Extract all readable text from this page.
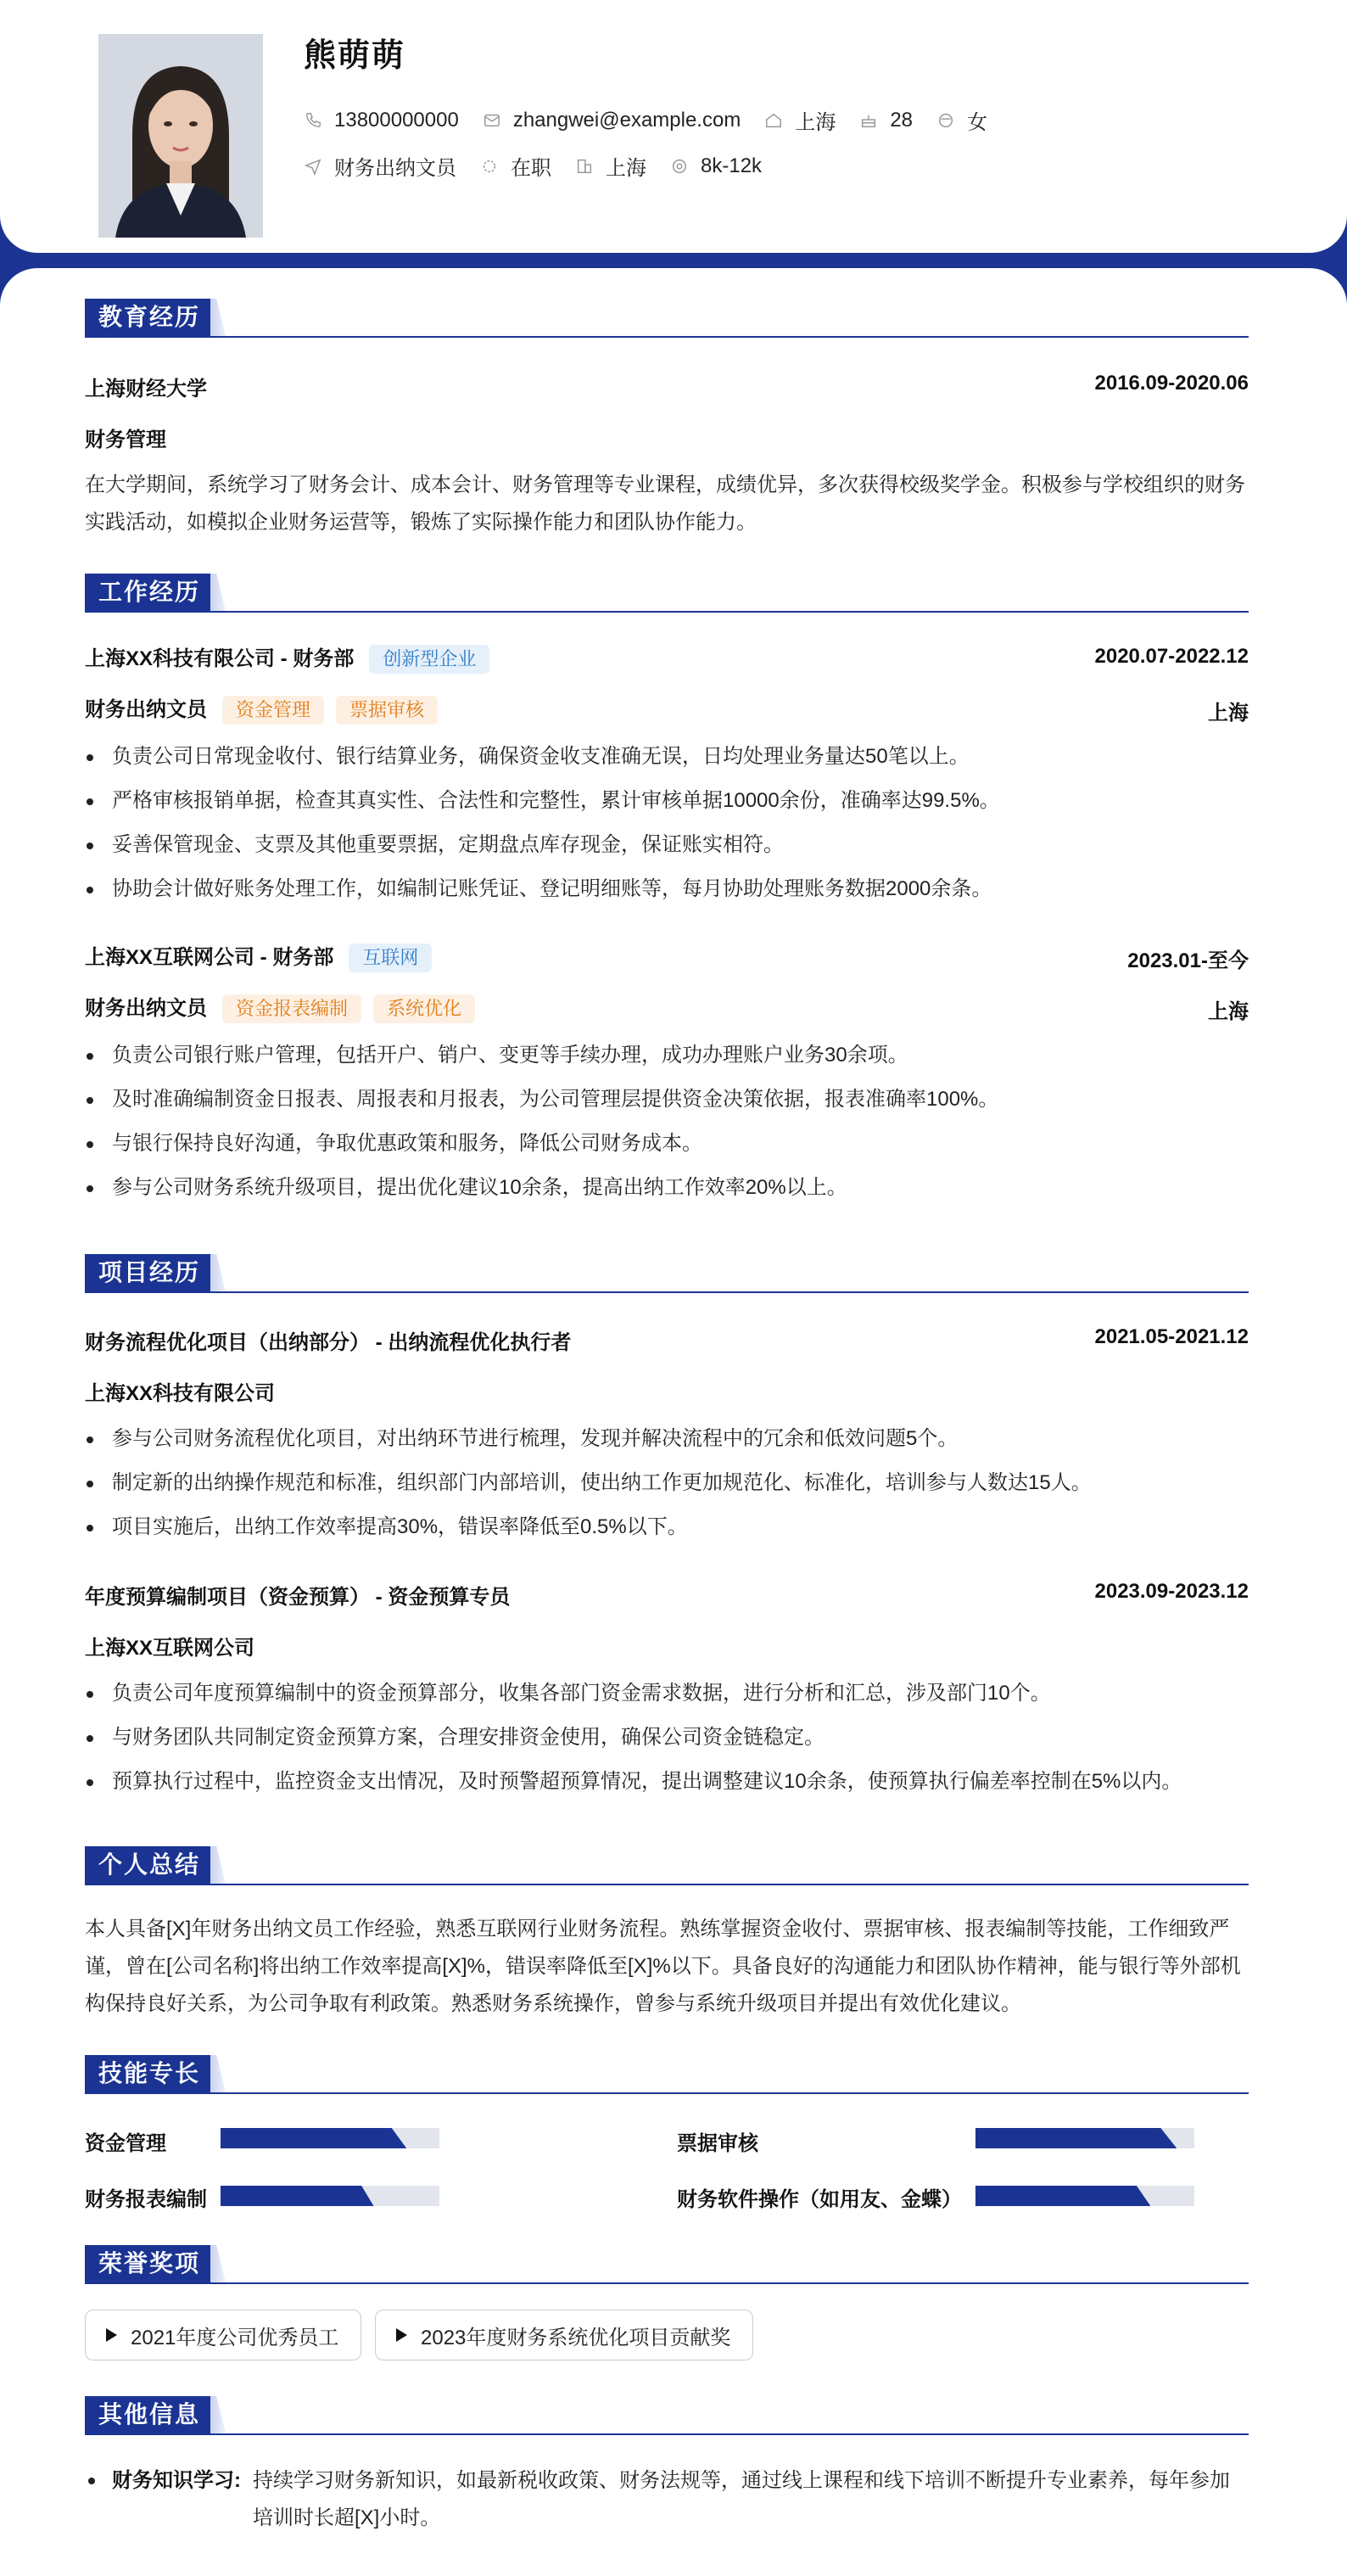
熊萌萌
13800000000	zhangwei@example.com	上海	28	女
财务出纳文员	在职	上海	8k-12k
教育经历
上海财经大学	2016.09-2020.06
财务管理
在大学期间，系统学习了财务会计、成本会计、财务管理等专业课程，成绩优异，多次获得校级奖学金。积极参与学校组织的财务实践活动，如模拟企业财务运营等，锻炼了实际操作能力和团队协作能力。
工作经历
上海XX科技有限公司 - 财务部 创新型企业	2020.07-2022.12
财务出纳文员 资金管理 票据审核	上海
负责公司日常现金收付、银行结算业务，确保资金收支准确无误，日均处理业务量达50笔以上。
严格审核报销单据，检查其真实性、合法性和完整性，累计审核单据10000余份，准确率达99.5%。
妥善保管现金、支票及其他重要票据，定期盘点库存现金，保证账实相符。
协助会计做好账务处理工作，如编制记账凭证、登记明细账等，每月协助处理账务数据2000余条。
上海XX互联网公司 - 财务部 互联网	2023.01-至今
财务出纳文员 资金报表编制 系统优化	上海
负责公司银行账户管理，包括开户、销户、变更等手续办理，成功办理账户业务30余项。
及时准确编制资金日报表、周报表和月报表，为公司管理层提供资金决策依据，报表准确率100%。
与银行保持良好沟通，争取优惠政策和服务，降低公司财务成本。
参与公司财务系统升级项目，提出优化建议10余条，提高出纳工作效率20%以上。
项目经历
财务流程优化项目（出纳部分） - 出纳流程优化执行者	2021.05-2021.12
上海XX科技有限公司
参与公司财务流程优化项目，对出纳环节进行梳理，发现并解决流程中的冗余和低效问题5个。
制定新的出纳操作规范和标准，组织部门内部培训，使出纳工作更加规范化、标准化，培训参与人数达15人。
项目实施后，出纳工作效率提高30%，错误率降低至0.5%以下。
年度预算编制项目（资金预算） - 资金预算专员	2023.09-2023.12
上海XX互联网公司
负责公司年度预算编制中的资金预算部分，收集各部门资金需求数据，进行分析和汇总，涉及部门10个。
与财务团队共同制定资金预算方案，合理安排资金使用，确保公司资金链稳定。
预算执行过程中，监控资金支出情况，及时预警超预算情况，提出调整建议10余条，使预算执行偏差率控制在5%以内。
个人总结
本人具备[X]年财务出纳文员工作经验，熟悉互联网行业财务流程。熟练掌握资金收付、票据审核、报表编制等技能，工作细致严谨，曾在[公司名称]将出纳工作效率提高[X]%，错误率降低至[X]%以下。具备良好的沟通能力和团队协作精神，能与银行等外部机构保持良好关系，为公司争取有利政策。熟悉财务系统操作，曾参与系统升级项目并提出有效优化建议。
技能专长
资金管理	票据审核
财务报表编制	财务软件操作（如用友、金蝶）
荣誉奖项
2021年度公司优秀员工	2023年度财务系统优化项目贡献奖
其他信息
财务知识学习: 持续学习财务新知识，如最新税收政策、财务法规等，通过线上课程和线下培训不断提升专业素养，每年参加
培训时长超[X]小时。
